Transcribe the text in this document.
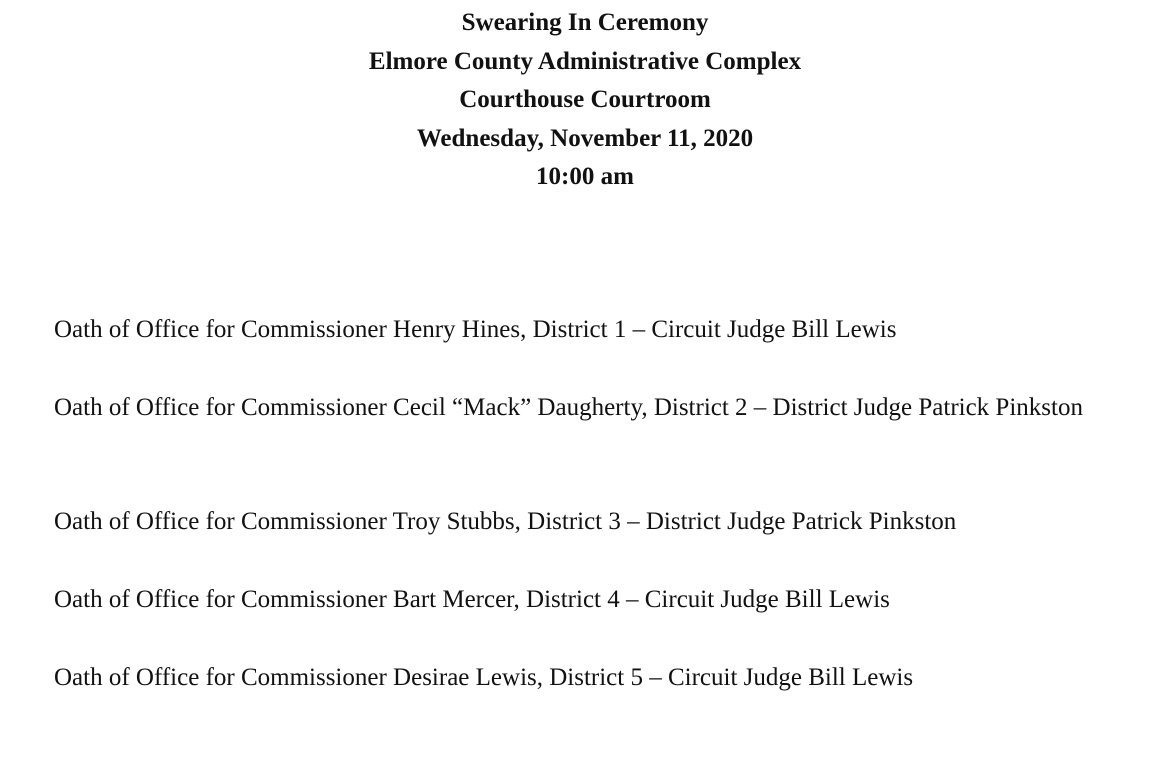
Swearing In Ceremony
Elmore County Administrative Complex
Courthouse Courtroom
Wednesday, November 11, 2020
10:00 am
Oath of Office for Commissioner Henry Hines, District 1 – Circuit Judge Bill Lewis
Oath of Office for Commissioner Cecil “Mack” Daugherty, District 2 – District Judge Patrick Pinkston
Oath of Office for Commissioner Troy Stubbs, District 3 – District Judge Patrick Pinkston
Oath of Office for Commissioner Bart Mercer, District 4 – Circuit Judge Bill Lewis
Oath of Office for Commissioner Desirae Lewis, District 5 – Circuit Judge Bill Lewis
